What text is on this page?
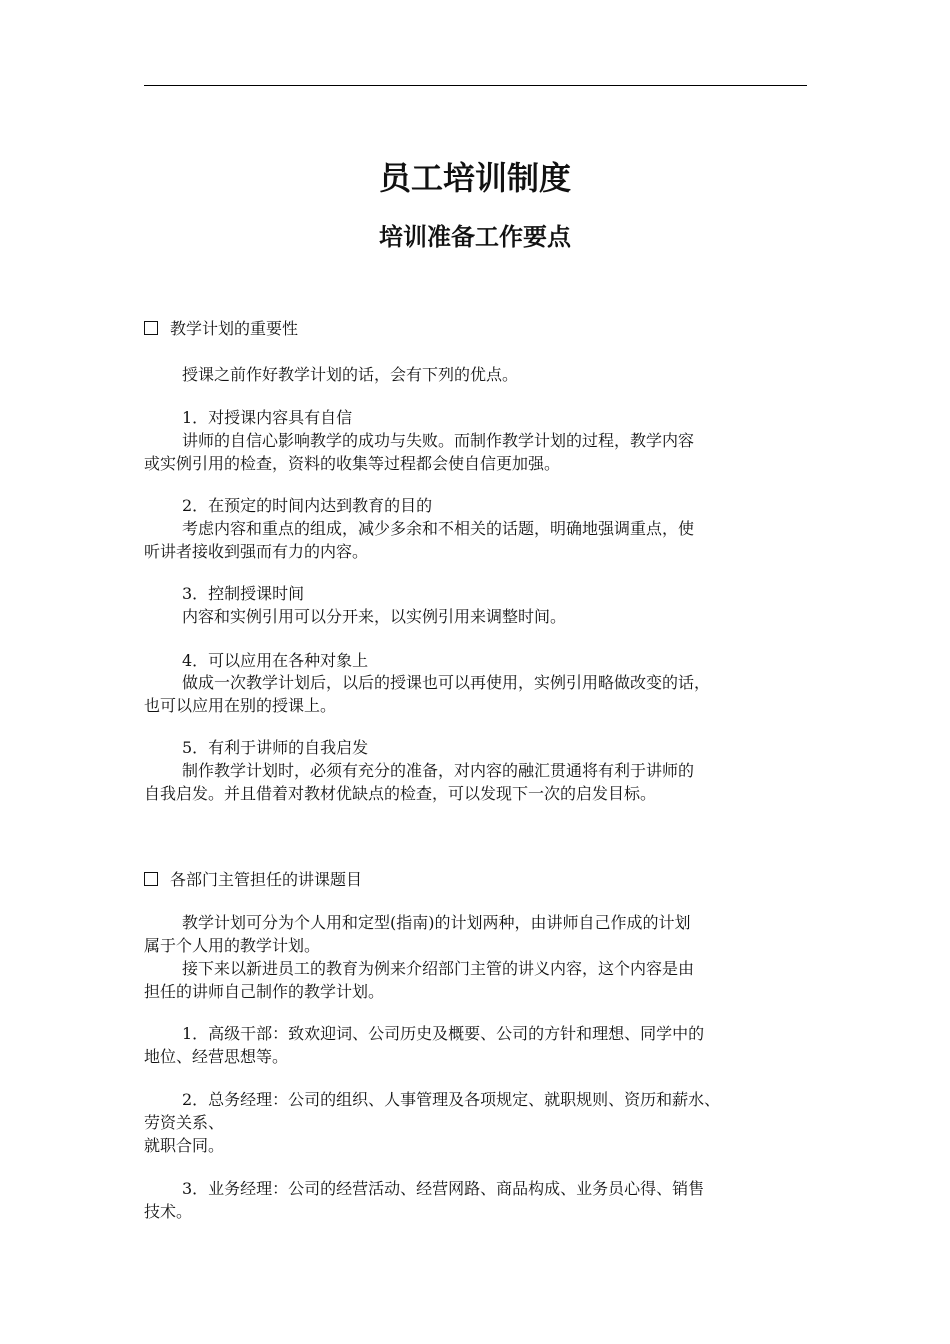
员工培训制度
培训准备工作要点
教学计划的重要性
授课之前作好教学计划的话，会有下列的优点。
1．对授课内容具有自信
讲师的自信心影响教学的成功与失败。而制作教学计划的过程，教学内容
或实例引用的检查，资料的收集等过程都会使自信更加强。
2．在预定的时间内达到教育的目的
考虑内容和重点的组成，减少多余和不相关的话题，明确地强调重点，使
听讲者接收到强而有力的内容。
3．控制授课时间
内容和实例引用可以分开来，以实例引用来调整时间。
4．可以应用在各种对象上
做成一次教学计划后，以后的授课也可以再使用，实例引用略做改变的话，
也可以应用在别的授课上。
5．有利于讲师的自我启发
制作教学计划时，必须有充分的准备，对内容的融汇贯通将有利于讲师的
自我启发。并且借着对教材优缺点的检查，可以发现下一次的启发目标。
各部门主管担任的讲课题目
教学计划可分为个人用和定型(指南)的计划两种，由讲师自己作成的计划
属于个人用的教学计划。
接下来以新进员工的教育为例来介绍部门主管的讲义内容，这个内容是由
担任的讲师自己制作的教学计划。
1．高级干部：致欢迎词、公司历史及概要、公司的方针和理想、同学中的
地位、经营思想等。
2．总务经理：公司的组织、人事管理及各项规定、就职规则、资历和薪水、
劳资关系、
就职合同。
3．业务经理：公司的经营活动、经营网路、商品构成、业务员心得、销售
技术。
